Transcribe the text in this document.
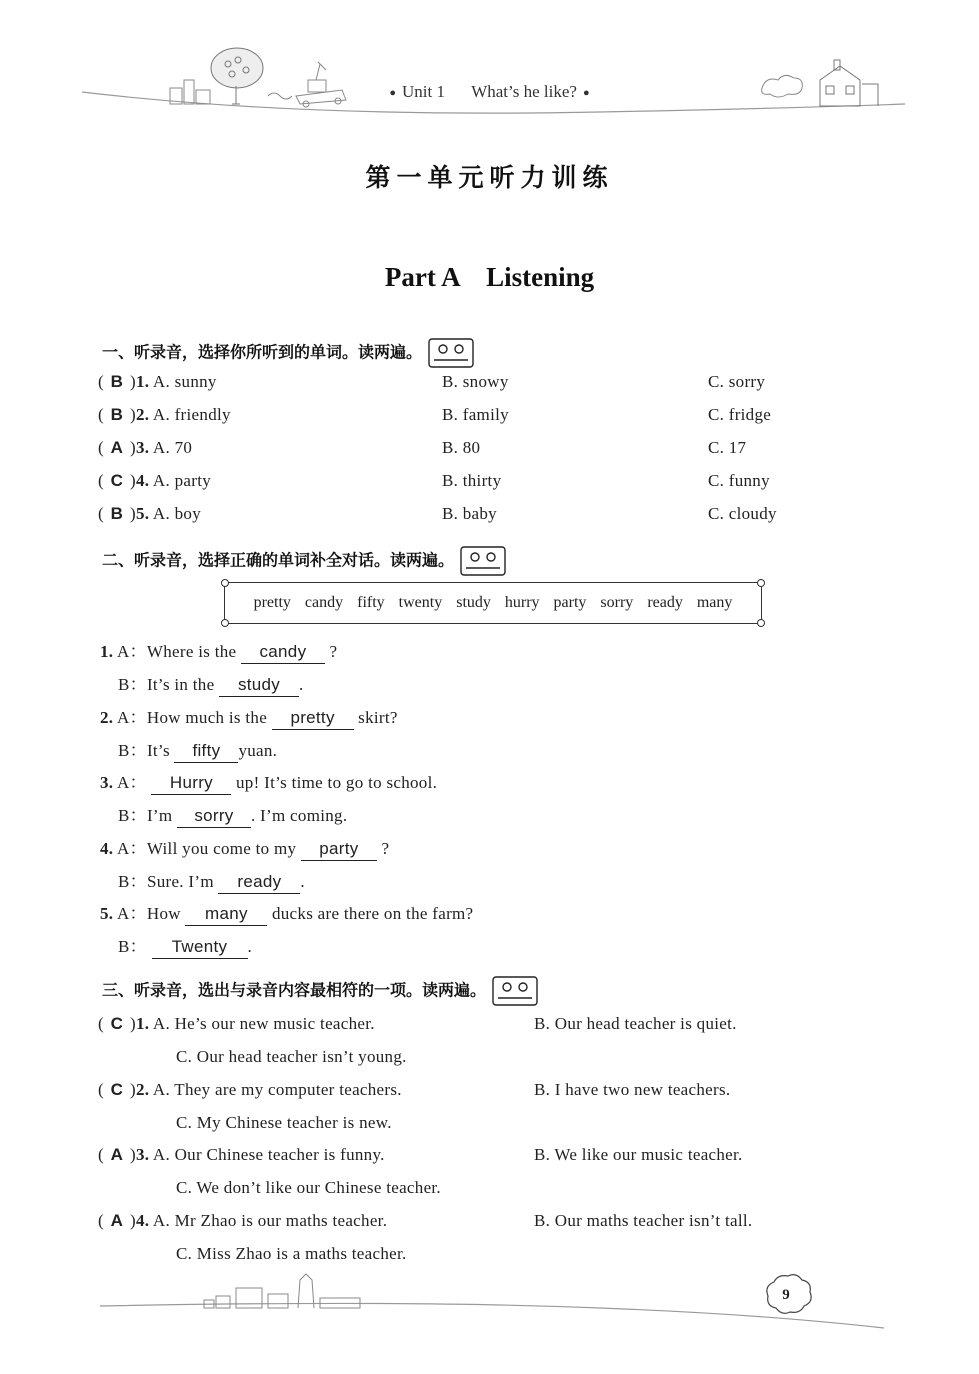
● Unit 1 What’s he like? ●
第一单元听力训练
Part A　Listening
一、听录音，选择你所听到的单词。读两遍。
( B )1. A. sunny	B. snowy	C. sorry
( B )2. A. friendly	B. family	C. fridge
( A )3. A. 70	B. 80	C. 17
( C )4. A. party	B. thirty	C. funny
( B )5. A. boy	B. baby	C. cloudy
二、听录音，选择正确的单词补全对话。读两遍。
pretty candy fifty twenty study hurry party sorry ready many
1. A：Where is the candy ?
B：It’s in the study .
2. A：How much is the pretty skirt?
B：It’s fifty yuan.
3. A： Hurry up! It’s time to go to school.
B：I’m sorry . I’m coming.
4. A：Will you come to my party ?
B：Sure. I’m ready .
5. A：How many ducks are there on the farm?
B： Twenty .
三、听录音，选出与录音内容最相符的一项。读两遍。
( C )1. A. He’s our new music teacher.	B. Our head teacher is quiet.
C. Our head teacher isn’t young.
( C )2. A. They are my computer teachers.	B. I have two new teachers.
C. My Chinese teacher is new.
( A )3. A. Our Chinese teacher is funny.	B. We like our music teacher.
C. We don’t like our Chinese teacher.
( A )4. A. Mr Zhao is our maths teacher.	B. Our maths teacher isn’t tall.
C. Miss Zhao is a maths teacher.
9
